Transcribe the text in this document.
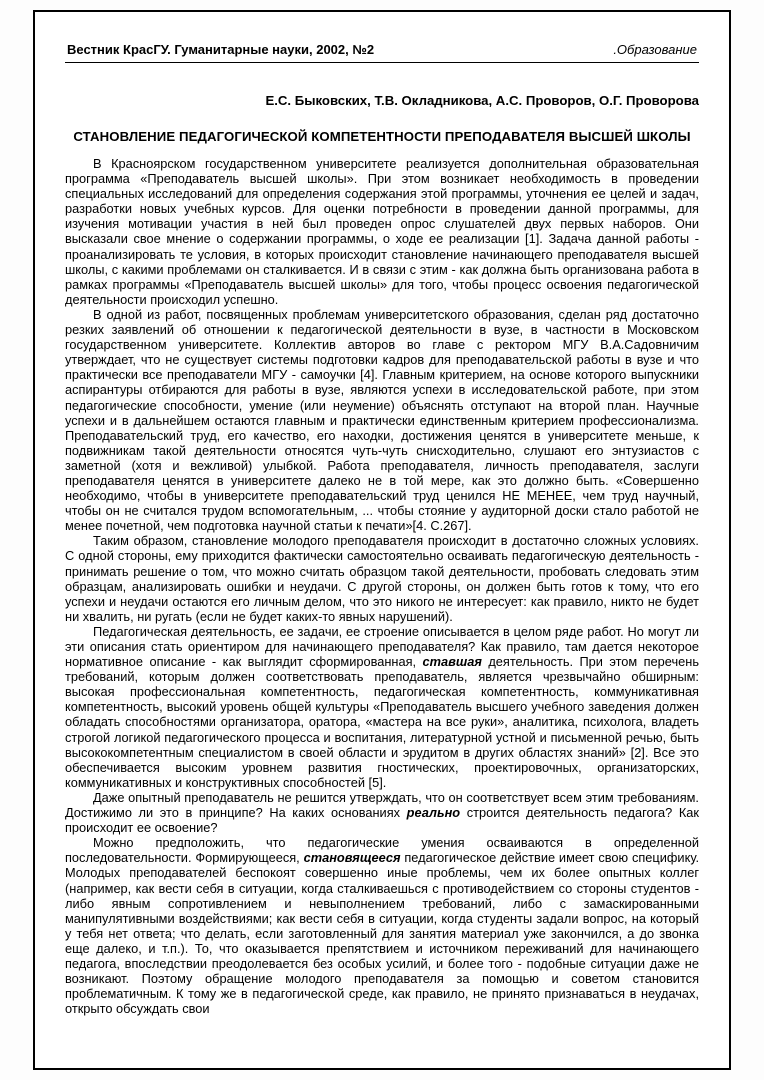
Вестник КрасГУ. Гуманитарные науки, 2002, №2	.Образование
Е.С. Быковских, Т.В. Окладникова, А.С. Проворов, О.Г. Проворова
СТАНОВЛЕНИЕ ПЕДАГОГИЧЕСКОЙ КОМПЕТЕНТНОСТИ ПРЕПОДАВАТЕЛЯ ВЫСШЕЙ ШКОЛЫ

В Красноярском государственном университете реализуется дополнительная образовательная программа «Преподаватель высшей школы». При этом возникает необходимость в проведении специальных исследований для определения содержания этой программы, уточнения ее целей и задач, разработки новых учебных курсов. Для оценки потребности в проведении данной программы, для изучения мотивации участия в ней был проведен опрос слушателей двух первых наборов. Они высказали свое мнение о содержании программы, о ходе ее реализации [1]. Задача данной работы - проанализировать те условия, в которых происходит становление начинающего преподавателя высшей школы, с какими проблемами он сталкивается. И в связи с этим - как должна быть организована работа в рамках программы «Преподаватель высшей школы» для того, чтобы процесс освоения педагогической деятельности происходил успешно.

В одной из работ, посвященных проблемам университетского образования, сделан ряд достаточно резких заявлений об отношении к педагогической деятельности в вузе, в частности в Московском государственном университете. Коллектив авторов во главе с ректором МГУ В.А.Садовничим утверждает, что не существует системы подготовки кадров для преподавательской работы в вузе и что практически все преподаватели МГУ - самоучки [4]. Главным критерием, на основе которого выпускники аспирантуры отбираются для работы в вузе, являются успехи в исследовательской работе, при этом педагогические способности, умение (или неумение) объяснять отступают на второй план. Научные успехи и в дальнейшем остаются главным и практически единственным критерием профессионализма. Преподавательский труд, его качество, его находки, достижения ценятся в университете меньше, к подвижникам такой деятельности относятся чуть-чуть снисходительно, слушают его энтузиастов с заметной (хотя и вежливой) улыбкой. Работа преподавателя, личность преподавателя, заслуги преподавателя ценятся в университете далеко не в той мере, как это должно быть. «Совершенно необходимо, чтобы в университете преподавательский труд ценился НЕ МЕНЕЕ, чем труд научный, чтобы он не считался трудом вспомогательным, ... чтобы стояние у аудиторной доски стало работой не менее почетной, чем подготовка научной статьи к печати»[4. С.267].

Таким образом, становление молодого преподавателя происходит в достаточно сложных условиях. С одной стороны, ему приходится фактически самостоятельно осваивать педагогическую деятельность - принимать решение о том, что можно считать образцом такой деятельности, пробовать следовать этим образцам, анализировать ошибки и неудачи. С другой стороны, он должен быть готов к тому, что его успехи и неудачи остаются его личным делом, что это никого не интересует: как правило, никто не будет ни хвалить, ни ругать (если не будет каких-то явных нарушений).

Педагогическая деятельность, ее задачи, ее строение описывается в целом ряде работ. Но могут ли эти описания стать ориентиром для начинающего преподавателя? Как правило, там дается некоторое нормативное описание - как выглядит сформированная, ставшая деятельность. При этом перечень требований, которым должен соответствовать преподаватель, является чрезвычайно обширным: высокая профессиональная компетентность, педагогическая компетентность, коммуникативная компетентность, высокий уровень общей культуры «Преподаватель высшего учебного заведения должен обладать способностями организатора, оратора, «мастера на все руки», аналитика, психолога, владеть строгой логикой педагогического процесса и воспитания, литературной устной и письменной речью, быть высококомпетентным специалистом в своей области и эрудитом в других областях знаний» [2]. Все это обеспечивается высоким уровнем развития гностических, проектировочных, организаторских, коммуникативных и конструктивных способностей [5].

Даже опытный преподаватель не решится утверждать, что он соответствует всем этим требованиям. Достижимо ли это в принципе? На каких основаниях реально строится деятельность педагога? Как происходит ее освоение?

Можно предположить, что педагогические умения осваиваются в определенной последовательности. Формирующееся, становящееся педагогическое действие имеет свою специфику. Молодых преподавателей беспокоят совершенно иные проблемы, чем их более опытных коллег (например, как вести себя в ситуации, когда сталкиваешься с противодействием со стороны студентов - либо явным сопротивлением и невыполнением требований, либо с замаскированными манипулятивными воздействиями; как вести себя в ситуации, когда студенты задали вопрос, на который у тебя нет ответа; что делать, если заготовленный для занятия материал уже закончился, а до звонка еще далеко, и т.п.). То, что оказывается препятствием и источником переживаний для начинающего педагога, впоследствии преодолевается без особых усилий, и более того - подобные ситуации даже не возникают. Поэтому обращение молодого преподавателя за помощью и советом становится проблематичным. К тому же в педагогической среде, как правило, не принято признаваться в неудачах, открыто обсуждать свои
